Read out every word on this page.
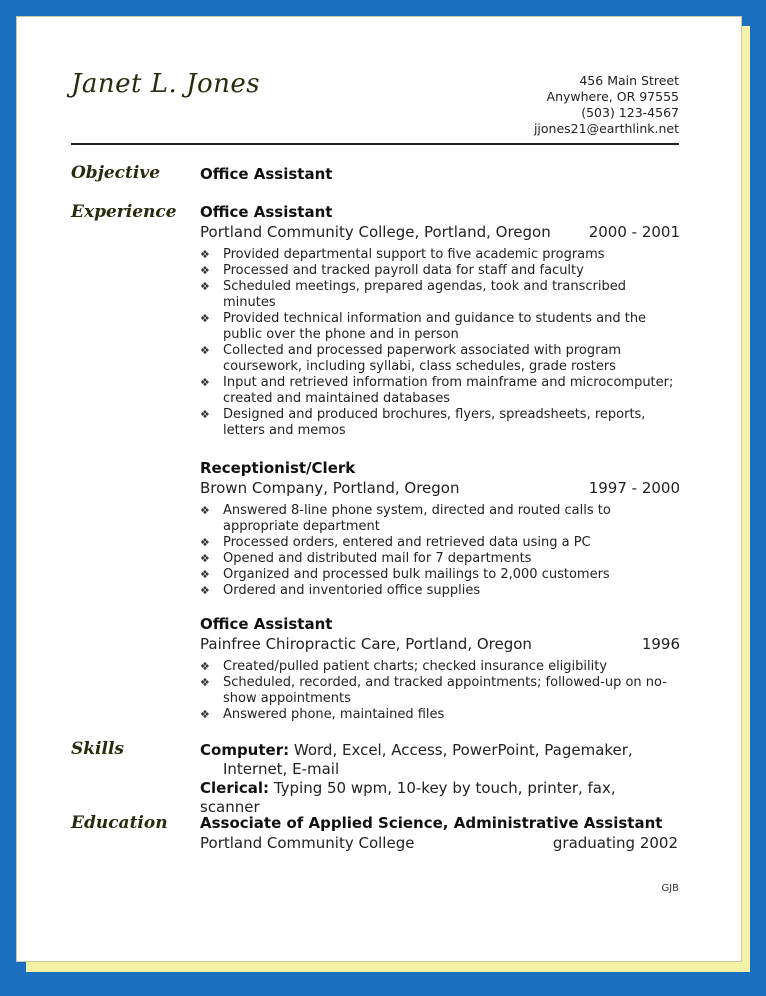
Janet L. Jones	456 Main Street
Anywhere, OR 97555
(503) 123-4567
jjones21@earthlink.net
Objective	Office Assistant
Experience Office Assistant
Portland Community College, Portland, Oregon	2000 - 2001
❖ Provided departmental support to five academic programs
❖ Processed and tracked payroll data for staff and faculty
❖ Scheduled meetings, prepared agendas, took and transcribed minutes
❖ Provided technical information and guidance to students and the public over the phone and in person
❖ Collected and processed paperwork associated with program coursework, including syllabi, class schedules, grade rosters
❖ Input and retrieved information from mainframe and microcomputer; created and maintained databases
❖ Designed and produced brochures, flyers, spreadsheets, reports, letters and memos
Receptionist/Clerk
Brown Company, Portland, Oregon	1997 - 2000
❖ Answered 8-line phone system, directed and routed calls to appropriate department
❖ Processed orders, entered and retrieved data using a PC
❖ Opened and distributed mail for 7 departments
❖ Organized and processed bulk mailings to 2,000 customers
❖ Ordered and inventoried office supplies
Office Assistant
Painfree Chiropractic Care, Portland, Oregon	1996
❖ Created/pulled patient charts; checked insurance eligibility
❖ Scheduled, recorded, and tracked appointments; followed-up on no-show appointments
❖ Answered phone, maintained files
Skills	Computer: Word, Excel, Access, PowerPoint, Pagemaker,
Internet, E-mail
Clerical: Typing 50 wpm, 10-key by touch, printer, fax, scanner
Education Associate of Applied Science, Administrative Assistant
Portland Community College	graduating 2002
GJB
